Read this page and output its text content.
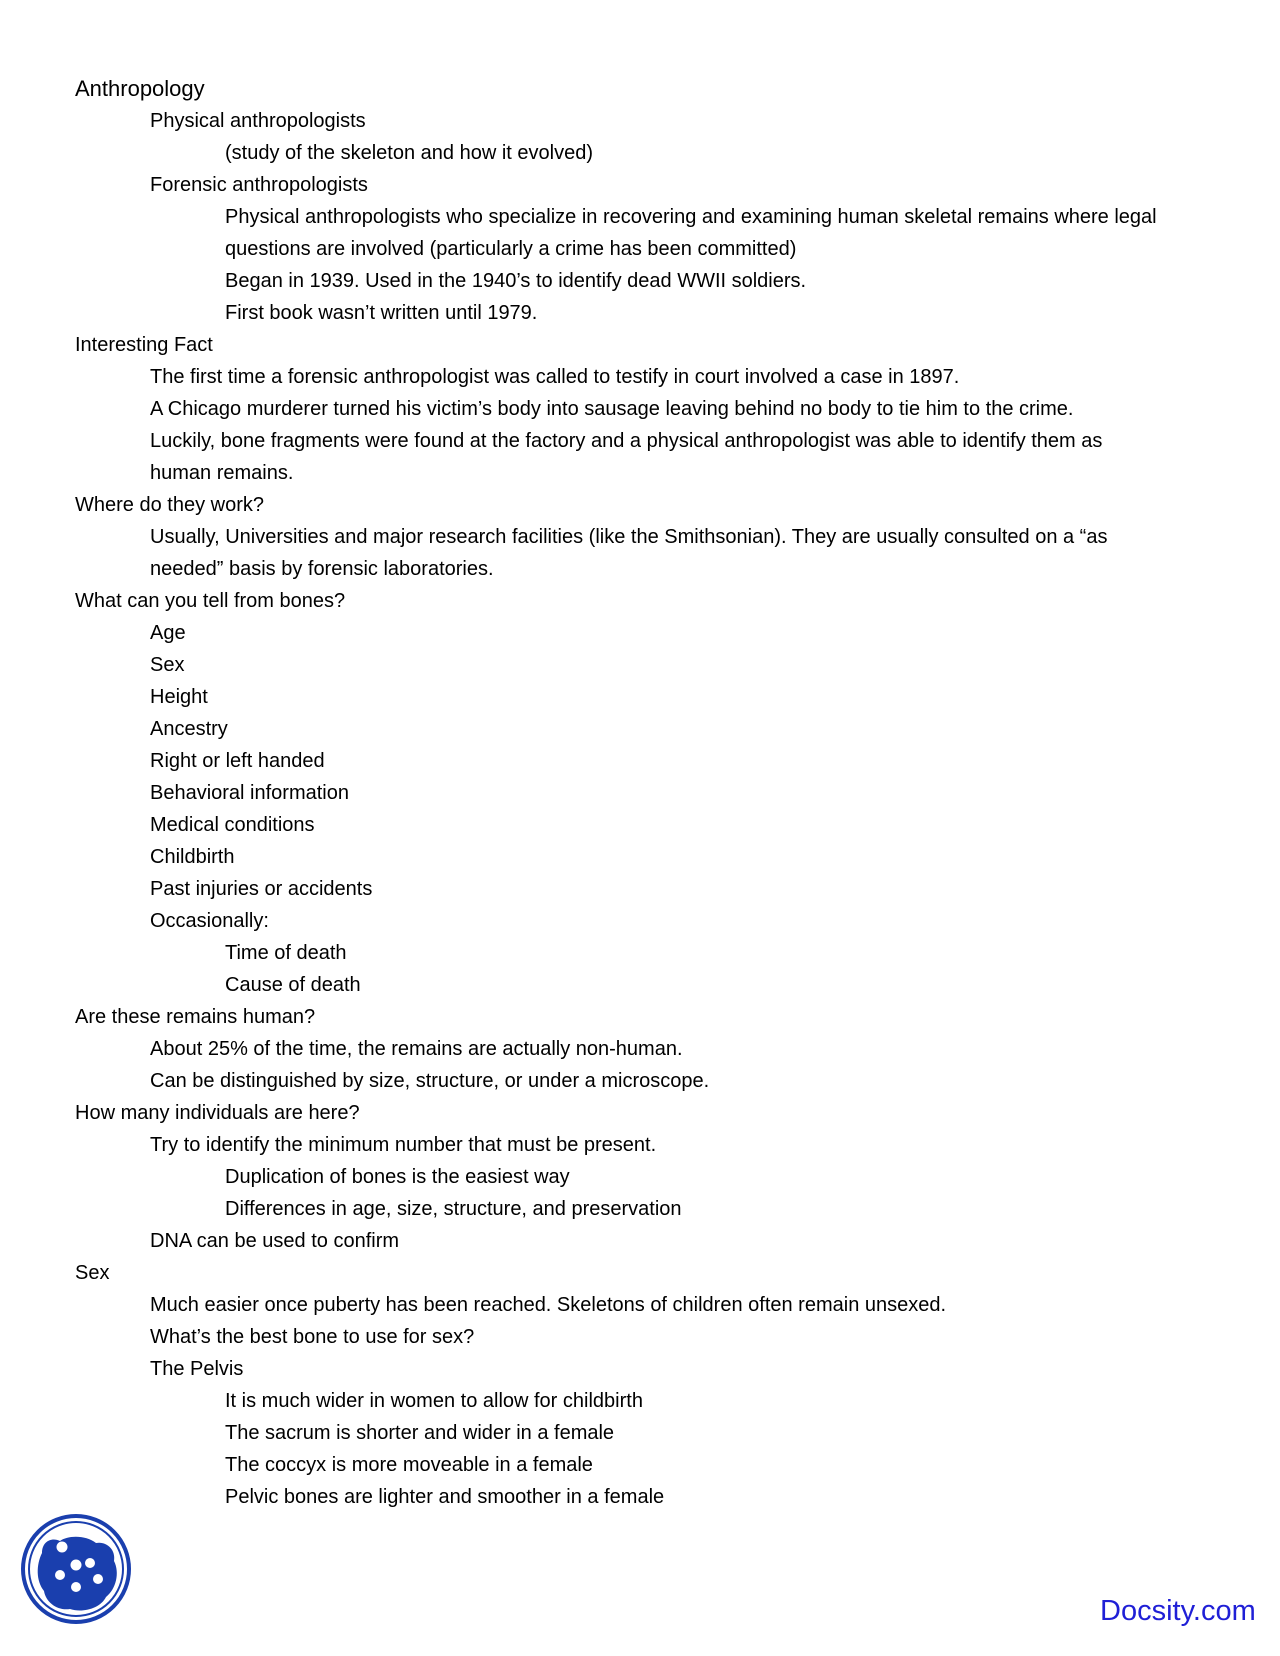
Anthropology
Physical anthropologists
(study of the skeleton and how it evolved)
Forensic anthropologists
Physical anthropologists who specialize in recovering and examining human skeletal remains where legal
questions are involved (particularly a crime has been committed)
Began in 1939. Used in the 1940’s to identify dead WWII soldiers.
First book wasn’t written until 1979.
Interesting Fact
The first time a forensic anthropologist was called to testify in court involved a case in 1897.
A Chicago murderer turned his victim’s body into sausage leaving behind no body to tie him to the crime.
Luckily, bone fragments were found at the factory and a physical anthropologist was able to identify them as
human remains.
Where do they work?
Usually, Universities and major research facilities (like the Smithsonian). They are usually consulted on a “as
needed” basis by forensic laboratories.
What can you tell from bones?
Age
Sex
Height
Ancestry
Right or left handed
Behavioral information
Medical conditions
Childbirth
Past injuries or accidents
Occasionally:
Time of death
Cause of death
Are these remains human?
About 25% of the time, the remains are actually non-human.
Can be distinguished by size, structure, or under a microscope.
How many individuals are here?
Try to identify the minimum number that must be present.
Duplication of bones is the easiest way
Differences in age, size, structure, and preservation
DNA can be used to confirm
Sex
Much easier once puberty has been reached. Skeletons of children often remain unsexed.
What’s the best bone to use for sex?
The Pelvis
It is much wider in women to allow for childbirth
The sacrum is shorter and wider in a female
The coccyx is more moveable in a female
Pelvic bones are lighter and smoother in a female
Docsity.com
